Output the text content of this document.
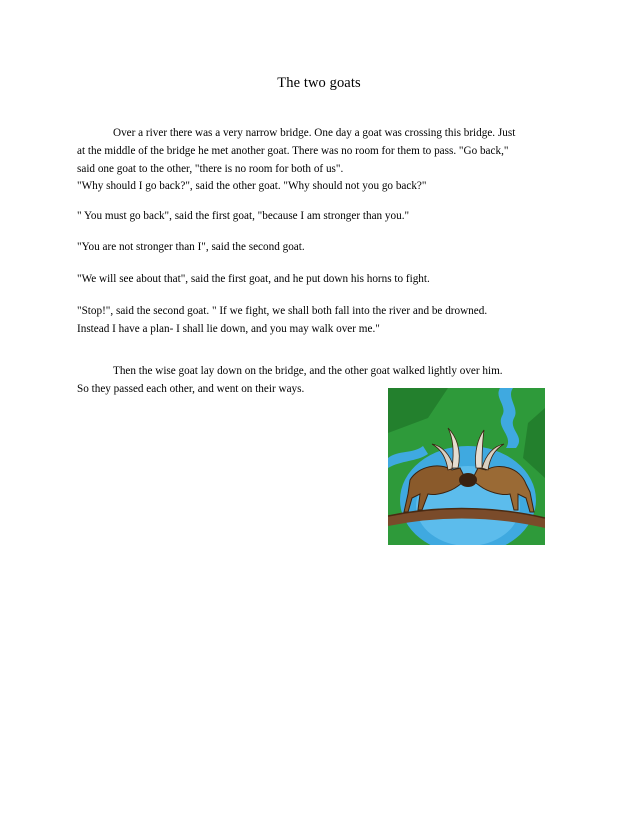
The two goats
Over a river there was a very narrow bridge. One day a goat was crossing this bridge. Just
at the middle of the bridge he met another goat. There was no room for them to pass. "Go back,"
said one goat to the other, "there is no room for both of us".
"Why should I go back?", said the other goat. "Why should not you go back?"
" You must go back", said the first goat, "because I am stronger than you."
"You are not stronger than I", said the second goat.
"We will see about that", said the first goat, and he put down his horns to fight.
"Stop!", said the second goat. " If we fight, we shall both fall into the river and be drowned.
Instead I have a plan- I shall lie down, and you may walk over me."
Then the wise goat lay down on the bridge, and the other goat walked lightly over him.
So they passed each other, and went on their ways.
